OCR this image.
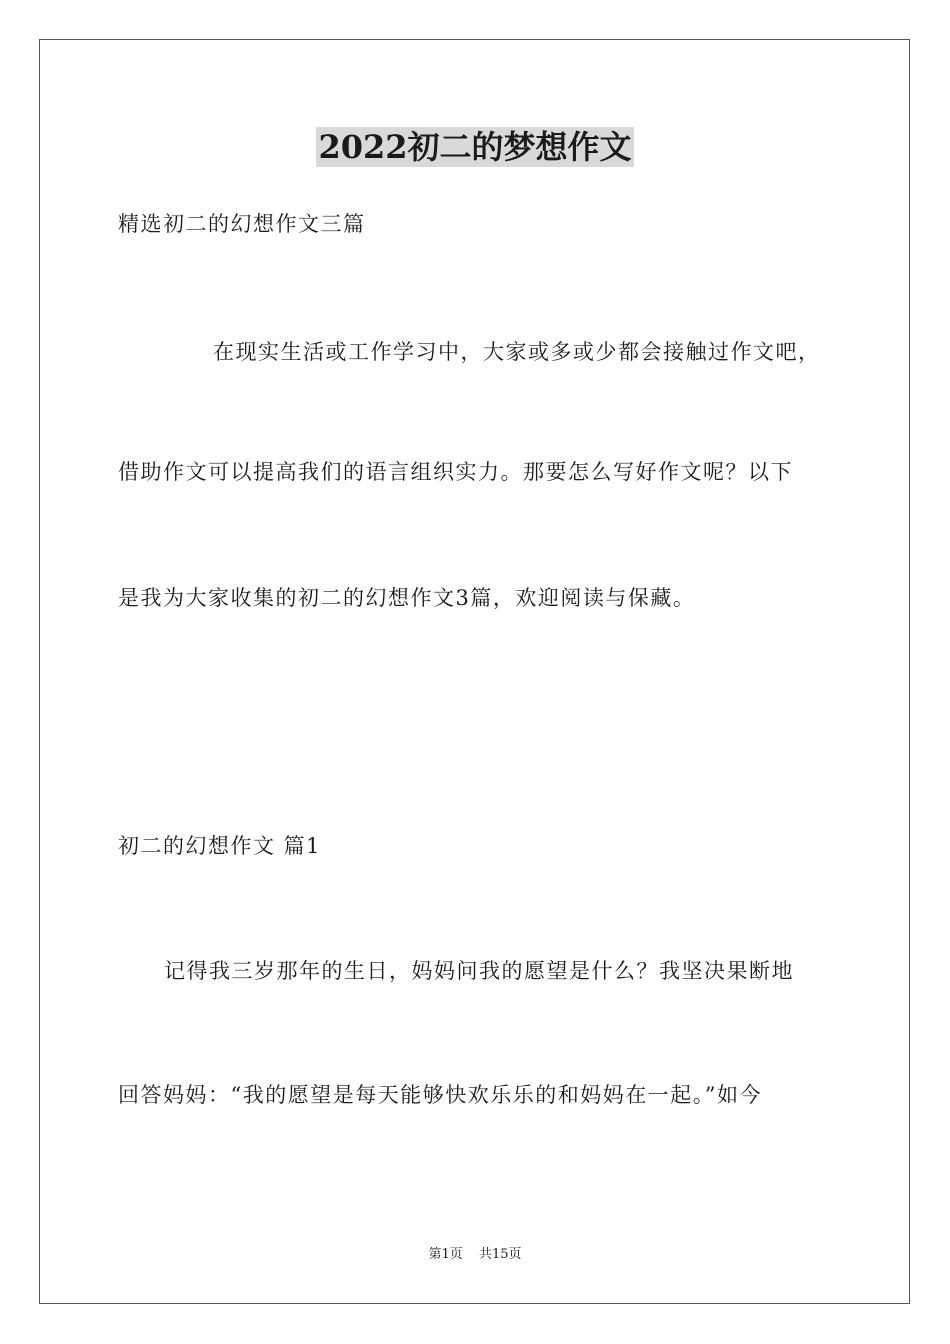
2022初二的梦想作文
精选初二的幻想作文三篇
在现实生活或工作学习中，大家或多或少都会接触过作文吧，
借助作文可以提高我们的语言组织实力。那要怎么写好作文呢？以下
是我为大家收集的初二的幻想作文3篇，欢迎阅读与保藏。
初二的幻想作文 篇1
记得我三岁那年的生日，妈妈问我的愿望是什么？我坚决果断地
回答妈妈：“我的愿望是每天能够快欢乐乐的和妈妈在一起。”如今
第1页 共15页
